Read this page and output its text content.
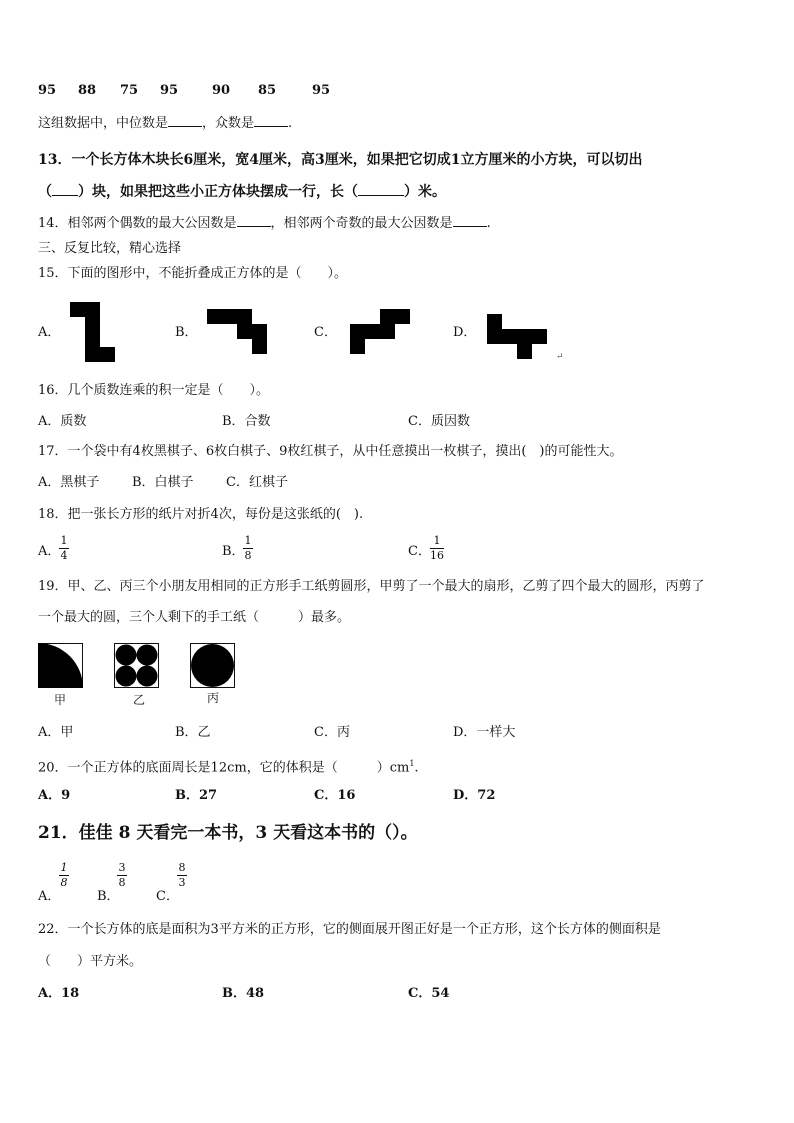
95 88 75 95	90 85	95
这组数据中，中位数是	，众数是	.
13．一个长方体木块长6厘米，宽4厘米，高3厘米，如果把它切成1立方厘米的小方块，可以切出
（ ）块，如果把这些小正方体块摆成一行，长（	）米。
14．相邻两个偶数的最大公因数是	，相邻两个奇数的最大公因数是	.
三、反复比较，精心选择
15．下面的图形中，不能折叠成正方体的是（　　）。
A．	B．	C．	D．
↵
16．几个质数连乘的积一定是（　　）。
A．质数	B．合数	C．质因数
17．一个袋中有4枚黑棋子、6枚白棋子、9枚红棋子，从中任意摸出一枚棋子，摸出(　)的可能性大。
A．黑棋子	B．白棋子 C．红棋子
18．把一张长方形的纸片对折4次，每份是这张纸的(　).
A．
1
4	B．
1
8	C．
1
16
19．甲、乙、丙三个小朋友用相同的正方形手工纸剪圆形，甲剪了一个最大的扇形，乙剪了四个最大的圆形，丙剪了
一个最大的圆，三个人剩下的手工纸（　　　）最多。
甲	乙	丙
A．甲	B．乙	C．丙	D．一样大
20．一个正方体的底面周长是12cm，它的体积是（　　　）$cm^1$.
A．9	B．27	C．16	D．72
21．佳佳 8 天看完一本书，3 天看这本书的（）。
A．
1
8
B．
3
8
C．
8
3
22．一个长方体的底是面积为3平方米的正方形，它的侧面展开图正好是一个正方形，这个长方体的侧面积是
（　　）平方米。
A．18	B．48	C．54
